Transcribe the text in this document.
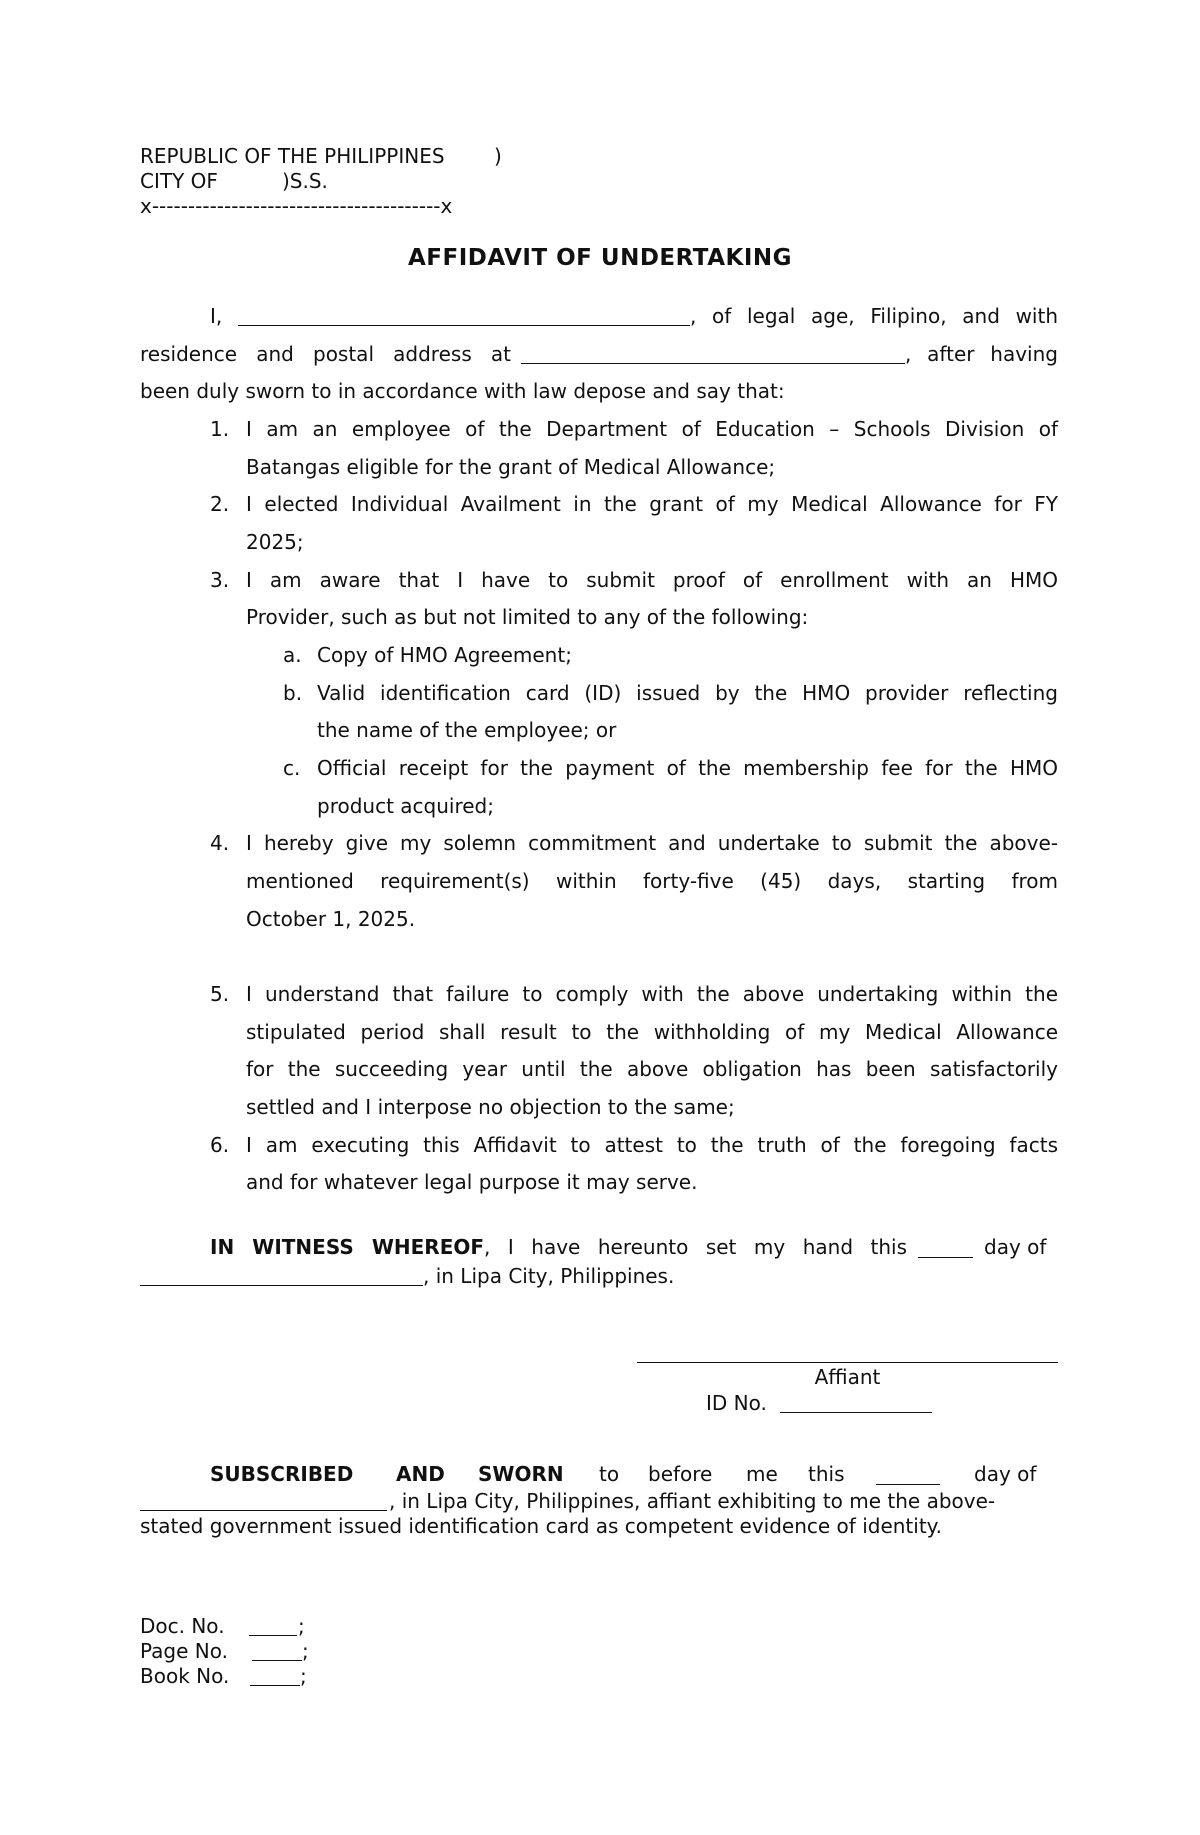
REPUBLIC OF THE PHILIPPINES )
CITY OF	)S.S.
x----------------------------------------x
AFFIDAVIT OF UNDERTAKING
I,	, of legal age, Filipino, and with
residence and postal address at	, after having
been duly sworn to in accordance with law depose and say that:
1. I am an employee of the Department of Education – Schools Division of
Batangas eligible for the grant of Medical Allowance;
2. I elected Individual Availment in the grant of my Medical Allowance for FY
2025;
3. I am aware that I have to submit proof of enrollment with an HMO
Provider, such as but not limited to any of the following:
a. Copy of HMO Agreement;
b. Valid identification card (ID) issued by the HMO provider reflecting
the name of the employee; or
c. Official receipt for the payment of the membership fee for the HMO
product acquired;
4. I hereby give my solemn commitment and undertake to submit the above-
mentioned requirement(s) within forty-five (45) days, starting from
October 1, 2025.
5. I understand that failure to comply with the above undertaking within the
stipulated period shall result to the withholding of my Medical Allowance
for the succeeding year until the above obligation has been satisfactorily
settled and I interpose no objection to the same;
6. I am executing this Affidavit to attest to the truth of the foregoing facts
and for whatever legal purpose it may serve.
IN WITNESS WHEREOF, I have hereunto set my hand this	day of
, in Lipa City, Philippines.
Affiant
ID No.
SUBSCRIBED AND SWORN to before me this	day of
, in Lipa City, Philippines, affiant exhibiting to me the above-
stated government issued identification card as competent evidence of identity.
Doc. No.	;
Page No.	;
Book No.	;
